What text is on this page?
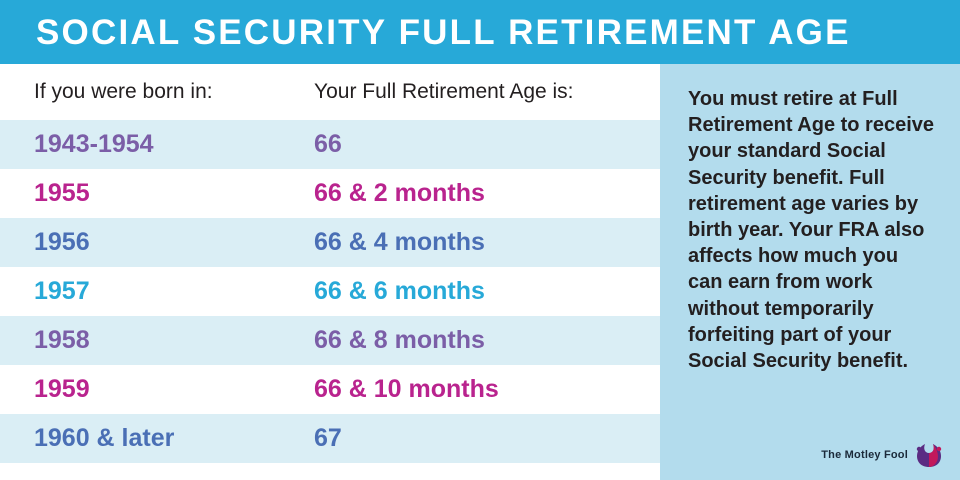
SOCIAL SECURITY FULL RETIREMENT AGE
If you were born in:	Your Full Retirement Age is:
1943-1954	66
1955	66 & 2 months
1956	66 & 4 months
1957	66 & 6 months
1958	66 & 8 months
1959	66 & 10 months
1960 & later	67

You must retire at Full Retirement Age to receive your standard Social Security benefit. Full retirement age varies by birth year. Your FRA also affects how much you can earn from work without temporarily forfeiting part of your Social Security benefit.

The Motley Fool
